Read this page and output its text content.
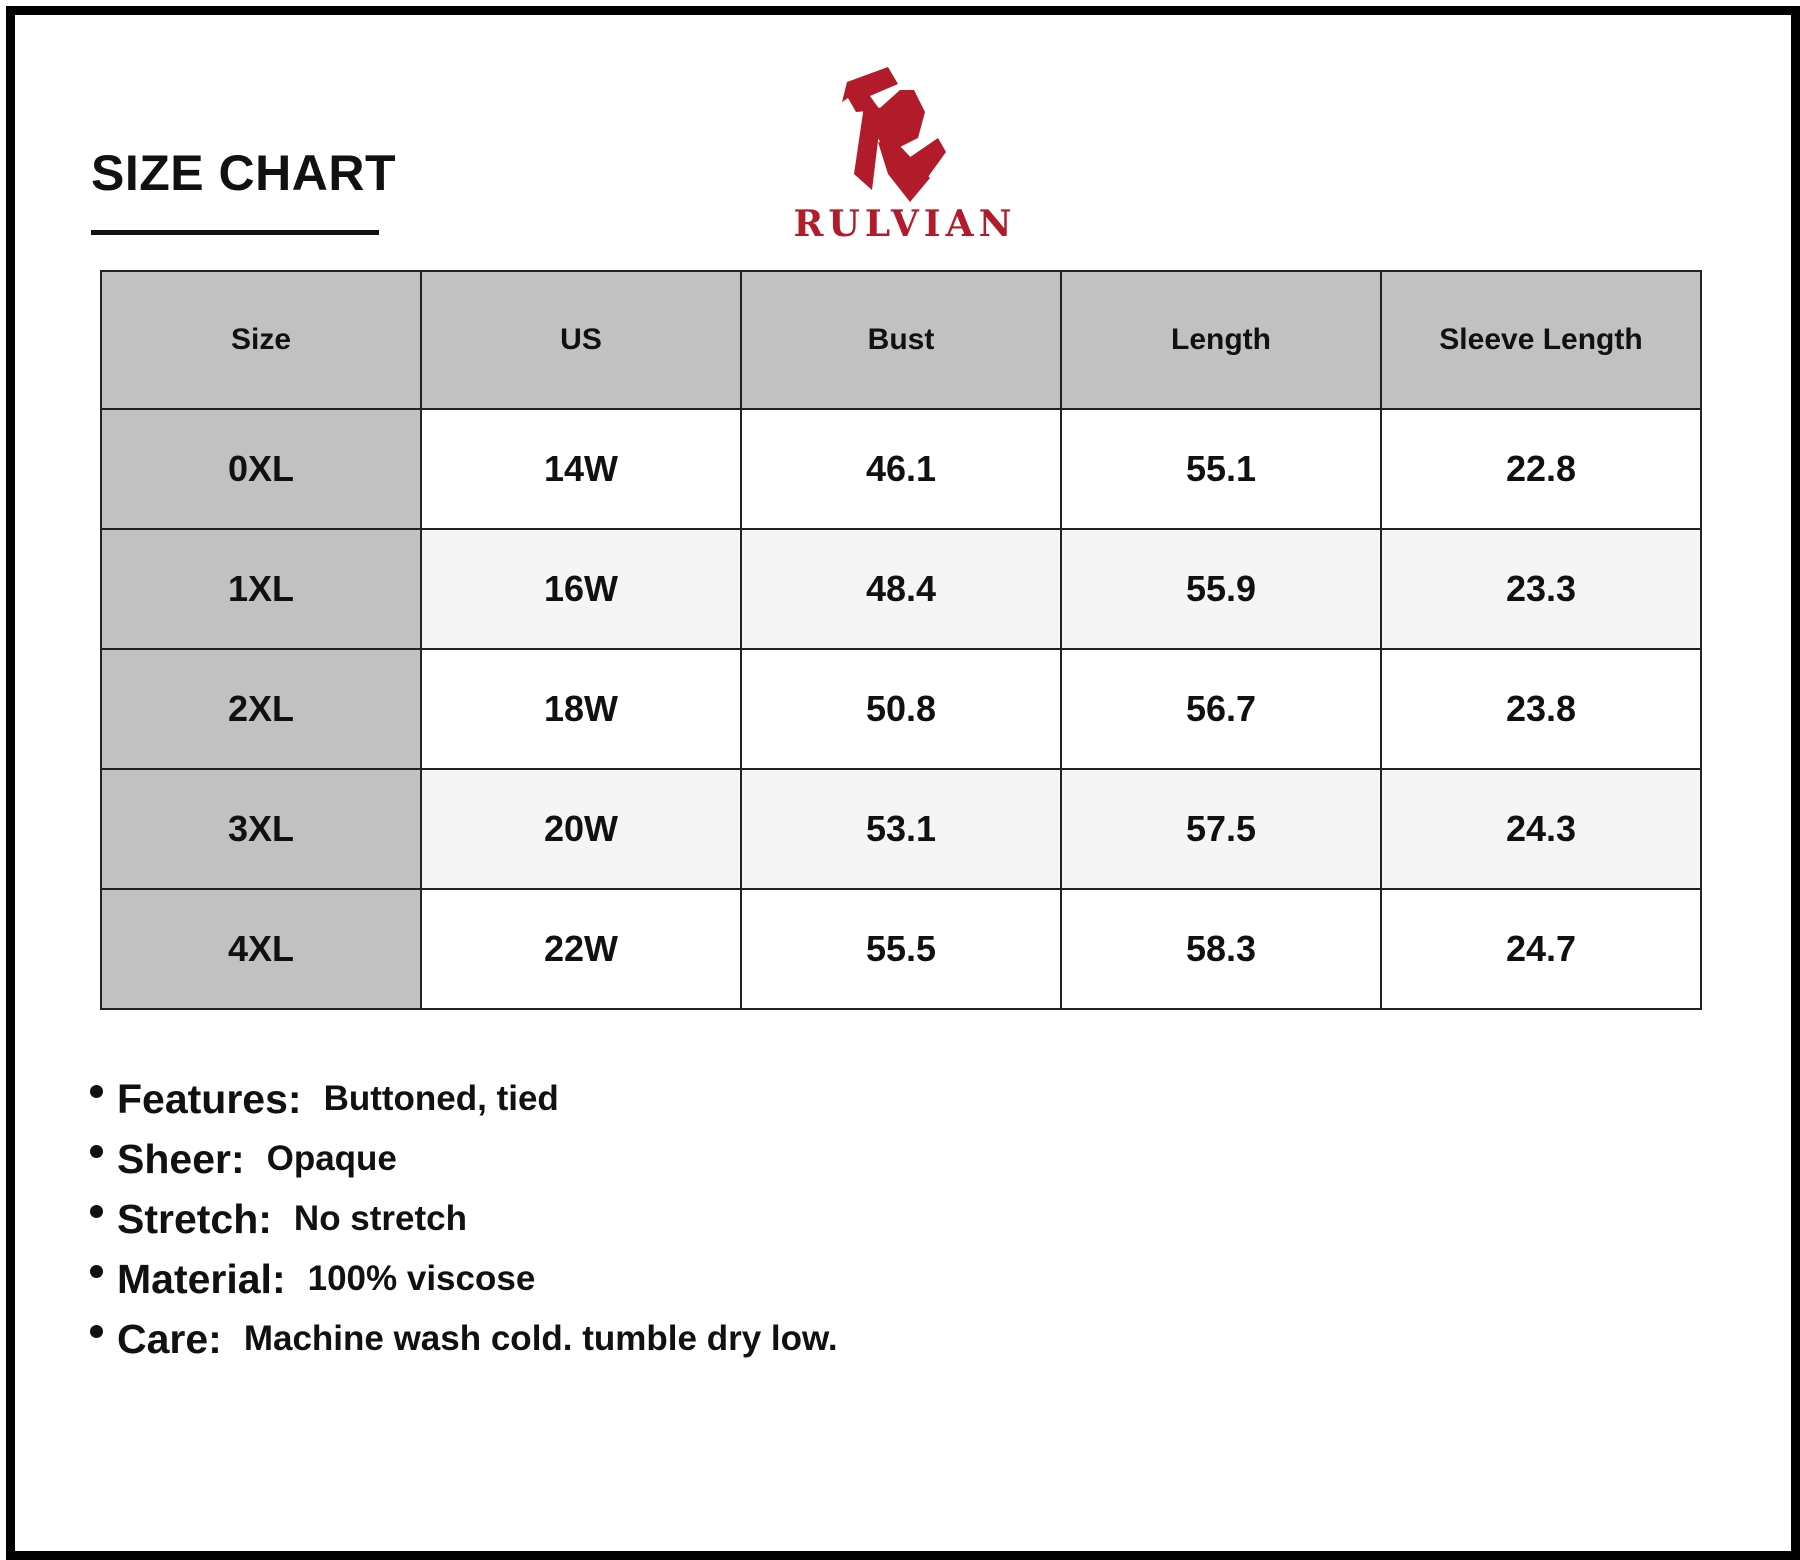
SIZE CHART
RULVIAN
Size	US	Bust	Length	Sleeve Length
0XL	14W	46.1	55.1	22.8
1XL	16W	48.4	55.9	23.3
2XL	18W	50.8	56.7	23.8
3XL	20W	53.1	57.5	24.3
4XL	22W	55.5	58.3	24.7
Features: Buttoned, tied
Sheer: Opaque
Stretch: No stretch
Material: 100% viscose
Care: Machine wash cold. tumble dry low.
